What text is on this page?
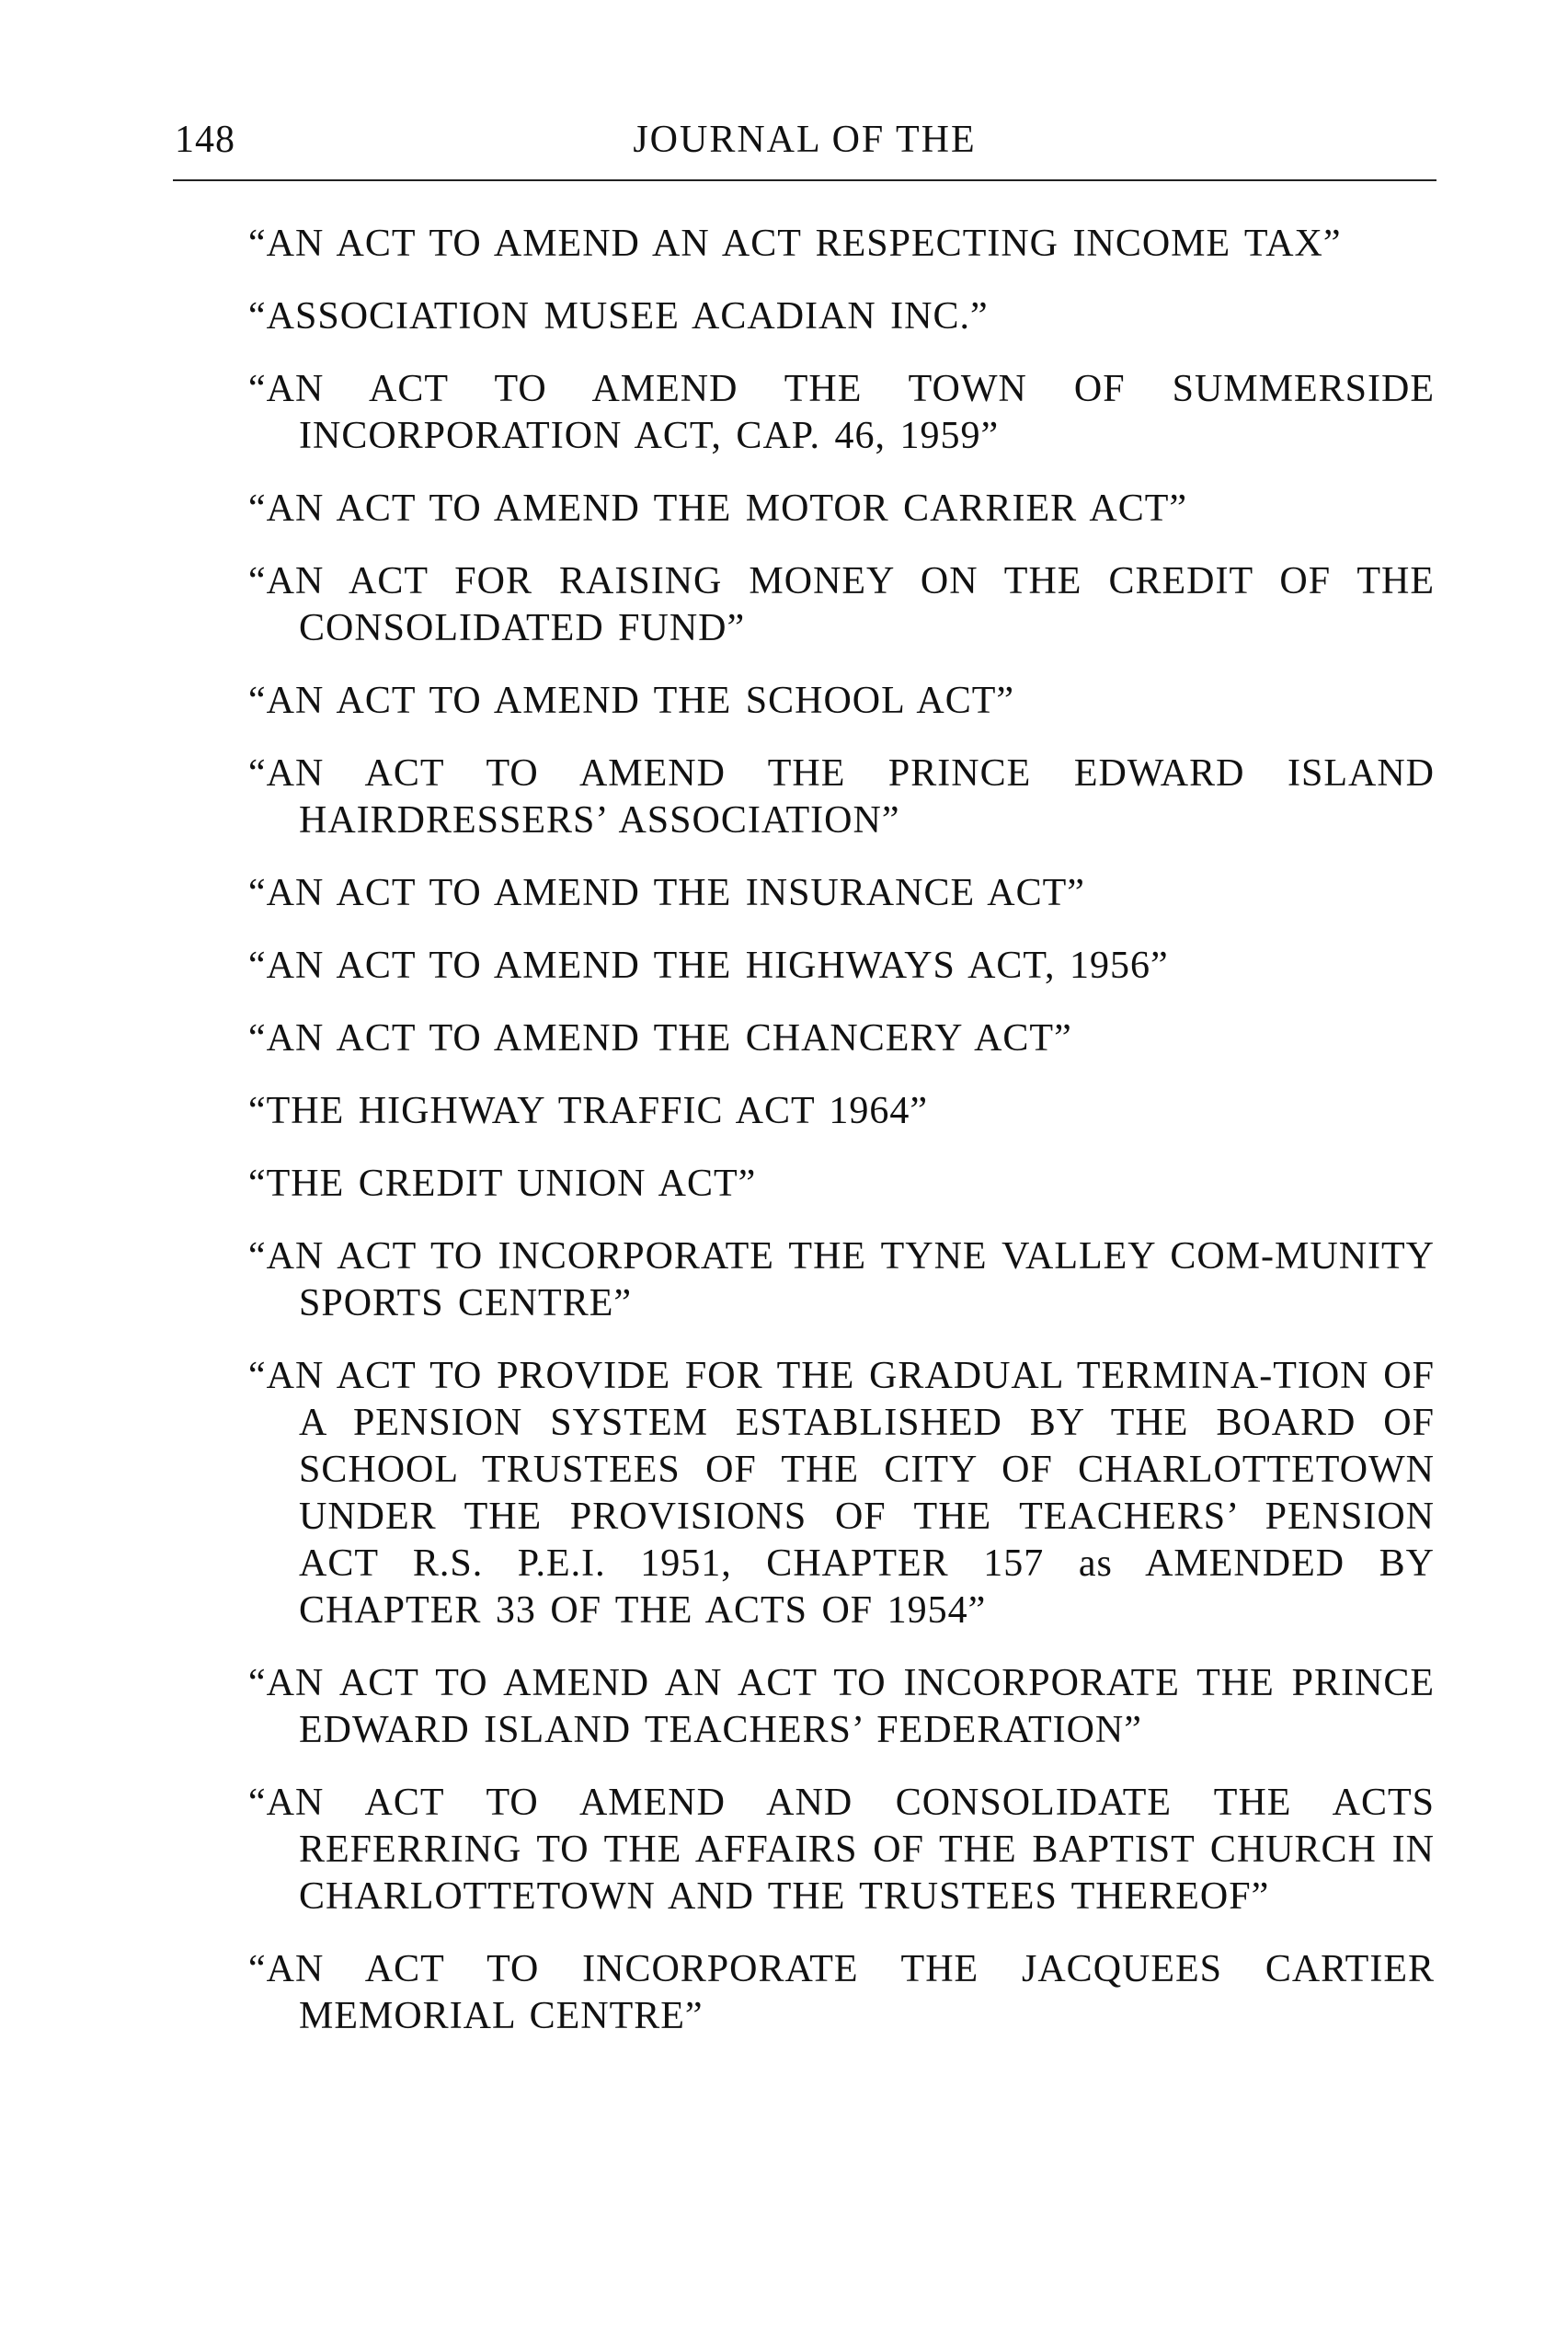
148	JOURNAL OF THE
“AN ACT TO AMEND AN ACT RESPECTING INCOME TAX”
“ASSOCIATION MUSEE ACADIAN INC.”
“AN ACT TO AMEND THE TOWN OF SUMMERSIDE INCORPORATION ACT, CAP. 46, 1959”
“AN ACT TO AMEND THE MOTOR CARRIER ACT”
“AN ACT FOR RAISING MONEY ON THE CREDIT OF THE CONSOLIDATED FUND”
“AN ACT TO AMEND THE SCHOOL ACT”
“AN ACT TO AMEND THE PRINCE EDWARD ISLAND HAIRDRESSERS’ ASSOCIATION”
“AN ACT TO AMEND THE INSURANCE ACT”
“AN ACT TO AMEND THE HIGHWAYS ACT, 1956”
“AN ACT TO AMEND THE CHANCERY ACT”
“THE HIGHWAY TRAFFIC ACT 1964”
“THE CREDIT UNION ACT”
“AN ACT TO INCORPORATE THE TYNE VALLEY COM-MUNITY SPORTS CENTRE”
“AN ACT TO PROVIDE FOR THE GRADUAL TERMINA-TION OF A PENSION SYSTEM ESTABLISHED BY THE BOARD OF SCHOOL TRUSTEES OF THE CITY OF CHARLOTTETOWN UNDER THE PROVISIONS OF THE TEACHERS’ PENSION ACT R.S. P.E.I. 1951, CHAPTER 157 as AMENDED BY CHAPTER 33 OF THE ACTS OF 1954”
“AN ACT TO AMEND AN ACT TO INCORPORATE THE PRINCE EDWARD ISLAND TEACHERS’ FEDERATION”
“AN ACT TO AMEND AND CONSOLIDATE THE ACTS REFERRING TO THE AFFAIRS OF THE BAPTIST CHURCH IN CHARLOTTETOWN AND THE TRUSTEES THEREOF”
“AN ACT TO INCORPORATE THE JACQUEES CARTIER MEMORIAL CENTRE”
